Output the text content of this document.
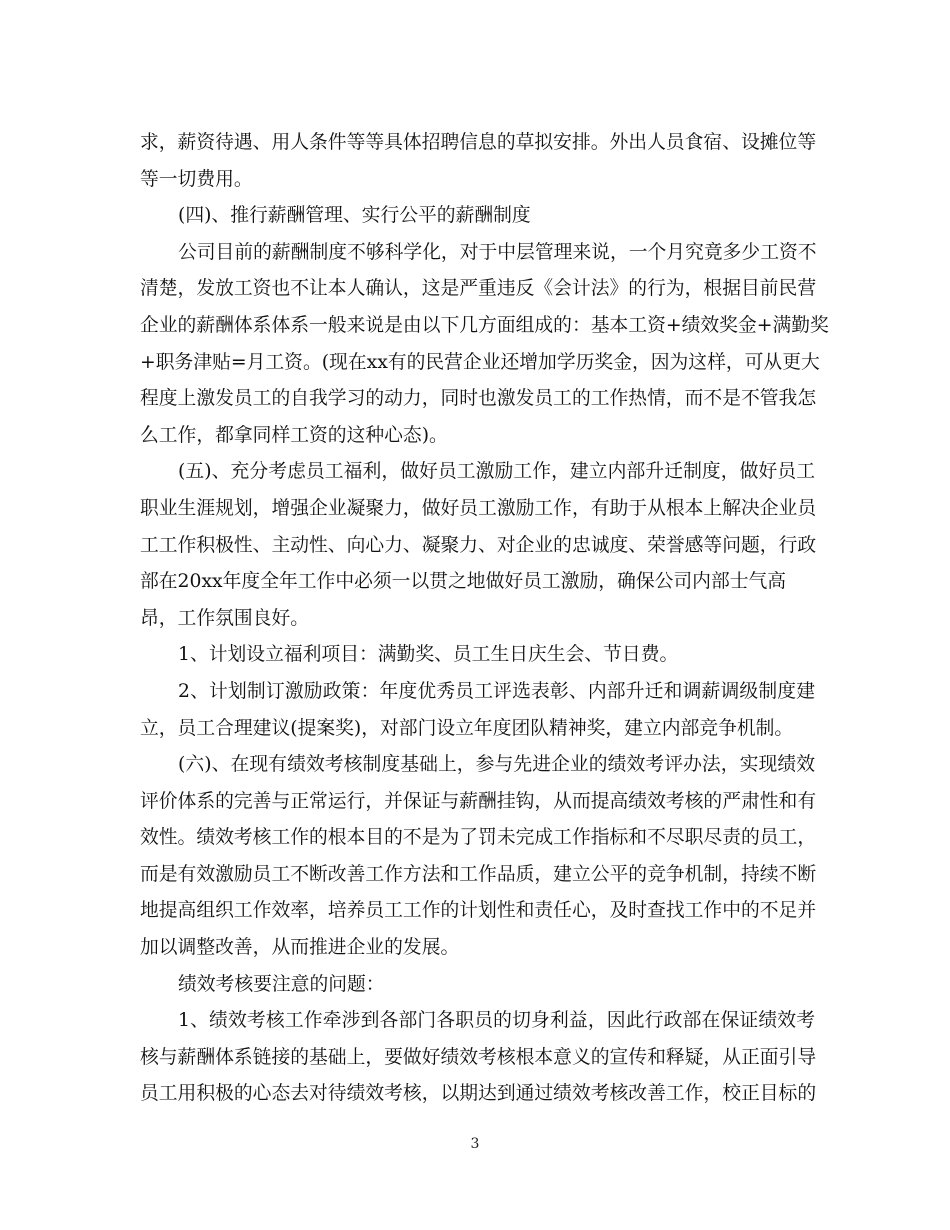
求，薪资待遇、用人条件等等具体招聘信息的草拟安排。外出人员食宿、设摊位等
等一切费用。
(四)、推行薪酬管理、实行公平的薪酬制度
公司目前的薪酬制度不够科学化，对于中层管理来说，一个月究竟多少工资不
清楚，发放工资也不让本人确认，这是严重违反《会计法》的行为，根据目前民营
企业的薪酬体系体系一般来说是由以下几方面组成的：基本工资+绩效奖金+满勤奖
+职务津贴=月工资。(现在xx有的民营企业还增加学历奖金，因为这样，可从更大
程度上激发员工的自我学习的动力，同时也激发员工的工作热情，而不是不管我怎
么工作，都拿同样工资的这种心态)。
(五)、充分考虑员工福利，做好员工激励工作，建立内部升迁制度，做好员工
职业生涯规划，增强企业凝聚力，做好员工激励工作，有助于从根本上解决企业员
工工作积极性、主动性、向心力、凝聚力、对企业的忠诚度、荣誉感等问题，行政
部在20xx年度全年工作中必须一以贯之地做好员工激励，确保公司内部士气高
昂，工作氛围良好。
1、计划设立福利项目：满勤奖、员工生日庆生会、节日费。
2、计划制订激励政策：年度优秀员工评选表彰、内部升迁和调薪调级制度建
立，员工合理建议(提案奖)，对部门设立年度团队精神奖，建立内部竞争机制。
(六)、在现有绩效考核制度基础上，参与先进企业的绩效考评办法，实现绩效
评价体系的完善与正常运行，并保证与薪酬挂钩，从而提高绩效考核的严肃性和有
效性。绩效考核工作的根本目的不是为了罚未完成工作指标和不尽职尽责的员工，
而是有效激励员工不断改善工作方法和工作品质，建立公平的竞争机制，持续不断
地提高组织工作效率，培养员工工作的计划性和责任心，及时查找工作中的不足并
加以调整改善，从而推进企业的发展。
绩效考核要注意的问题：
1、绩效考核工作牵涉到各部门各职员的切身利益，因此行政部在保证绩效考
核与薪酬体系链接的基础上，要做好绩效考核根本意义的宣传和释疑，从正面引导
员工用积极的心态去对待绩效考核，以期达到通过绩效考核改善工作，校正目标的
3
